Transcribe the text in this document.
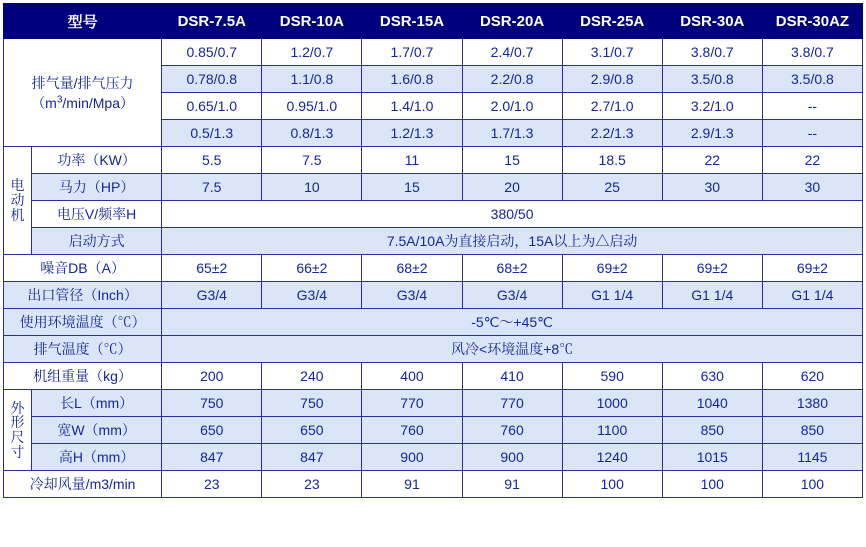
型号		DSR-7.5A	DSR-10A	DSR-15A	DSR-20A	DSR-25A	DSR-30A	DSR-30AZ

排气量/排气压力
$(m^3/\min/Mpa)$		0.85/0.7	1.2/0.7	1.7/0.7	2.4/0.7	3.1/0.7	3.8/0.7	3.8/0.7
		0.78/0.8	1.1/0.8	1.6/0.8	2.2/0.8	2.9/0.8	3.5/0.8	3.5/0.8
		0.65/1.0	0.95/1.0	1.4/1.0	2.0/1.0	2.7/1.0	3.2/1.0	--
		0.5/1.3	0.8/1.3	1.2/1.3	1.7/1.3	2.2/1.3	2.9/1.3	--

电
动
机	功率（KW）	5.5	7.5	11	15	18.5	22	22
	马力（HP）	7.5	10	15	20	25	30	30
	电压V/频率H	380/50						
	启动方式	7.5A/10A为直接启动，15A以上为△启动						
噪音DB（A）		65±2	66±2	68±2	68±2	69±2	69±2	69±2
出口管径（Inch）		G3/4	G3/4	G3/4	G3/4	G1 1/4	G1 1/4	G1 1/4
使用环境温度（℃）		-5℃～+45℃						
排气温度（℃）		风冷<环境温度+8℃						
机组重量（kg）		200	240	400	410	590	630	620

外
形
尺
寸	长L（mm）	750	750	770	770	1000	1040	1380
	宽W（mm）	650	650	760	760	1100	850	850
	高H（mm）	847	847	900	900	1240	1015	1145
冷却风量/m3/min		23	23	91	91	100	100	100
